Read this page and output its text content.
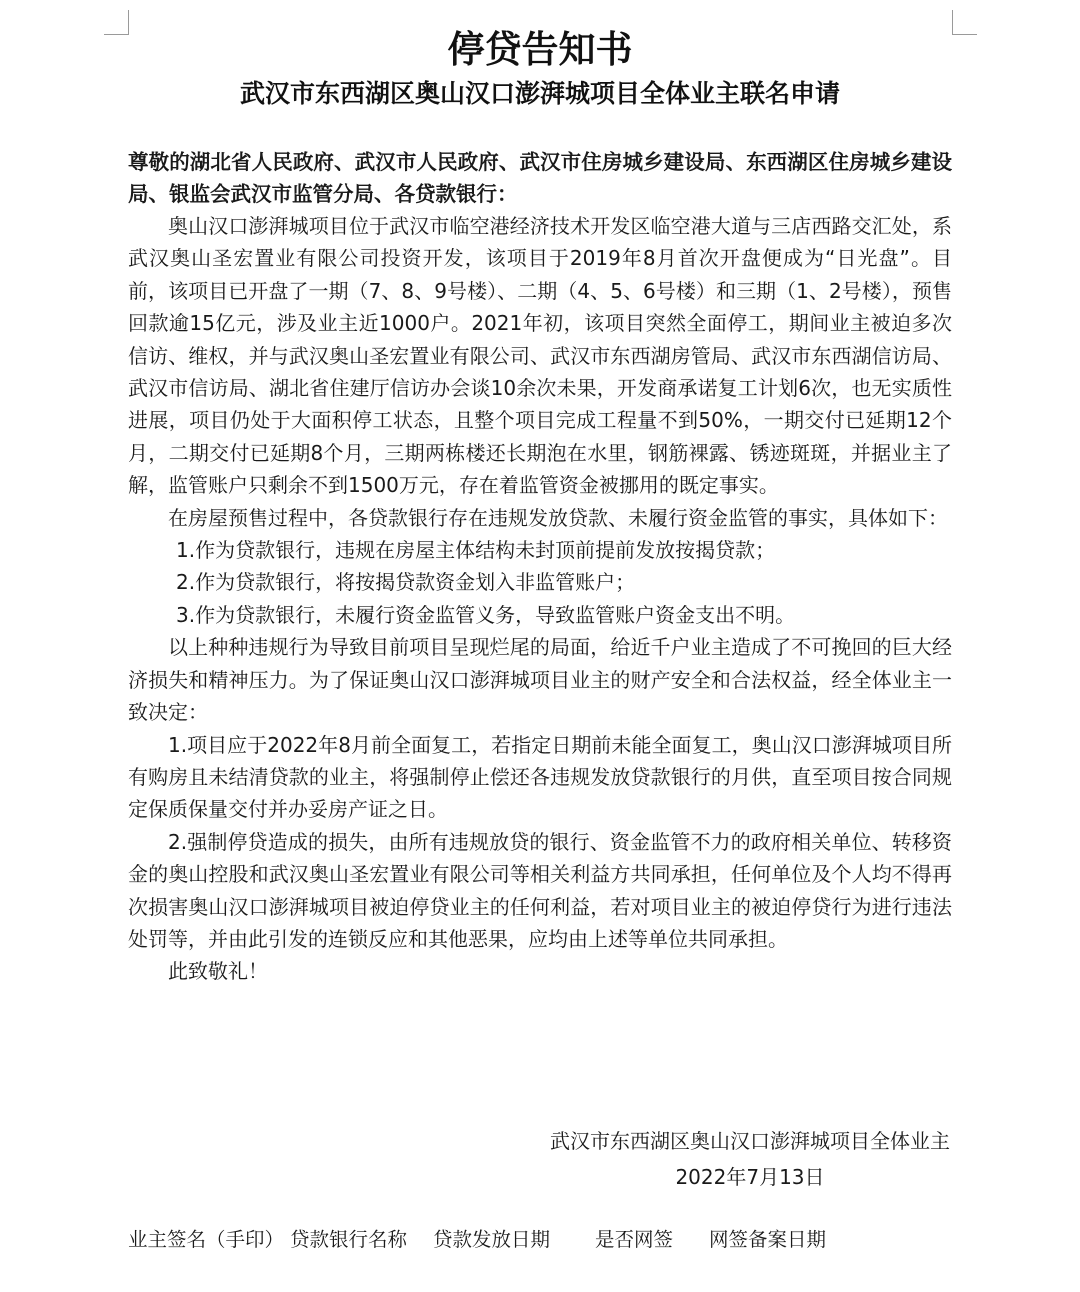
停贷告知书
武汉市东西湖区奥山汉口澎湃城项目全体业主联名申请

尊敬的湖北省人民政府、武汉市人民政府、武汉市住房城乡建设局、东西湖区住房城乡建设局、银监会武汉市监管分局、各贷款银行：

奥山汉口澎湃城项目位于武汉市临空港经济技术开发区临空港大道与三店西路交汇处，系武汉奥山圣宏置业有限公司投资开发，该项目于2019年8月首次开盘便成为“日光盘”。目前，该项目已开盘了一期（7、8、9号楼）、二期（4、5、6号楼）和三期（1、2号楼），预售回款逾15亿元，涉及业主近1000户。2021年初，该项目突然全面停工，期间业主被迫多次信访、维权，并与武汉奥山圣宏置业有限公司、武汉市东西湖房管局、武汉市东西湖信访局、武汉市信访局、湖北省住建厅信访办会谈10余次未果，开发商承诺复工计划6次，也无实质性进展，项目仍处于大面积停工状态，且整个项目完成工程量不到50%，一期交付已延期12个月，二期交付已延期8个月，三期两栋楼还长期泡在水里，钢筋裸露、锈迹斑斑，并据业主了解，监管账户只剩余不到1500万元，存在着监管资金被挪用的既定事实。

在房屋预售过程中，各贷款银行存在违规发放贷款、未履行资金监管的事实，具体如下：

1.作为贷款银行，违规在房屋主体结构未封顶前提前发放按揭贷款；

2.作为贷款银行，将按揭贷款资金划入非监管账户；

3.作为贷款银行，未履行资金监管义务，导致监管账户资金支出不明。

以上种种违规行为导致目前项目呈现烂尾的局面，给近千户业主造成了不可挽回的巨大经济损失和精神压力。为了保证奥山汉口澎湃城项目业主的财产安全和合法权益，经全体业主一致决定：

1.项目应于2022年8月前全面复工，若指定日期前未能全面复工，奥山汉口澎湃城项目所有购房且未结清贷款的业主，将强制停止偿还各违规发放贷款银行的月供，直至项目按合同规定保质保量交付并办妥房产证之日。

2.强制停贷造成的损失，由所有违规放贷的银行、资金监管不力的政府相关单位、转移资金的奥山控股和武汉奥山圣宏置业有限公司等相关利益方共同承担，任何单位及个人均不得再次损害奥山汉口澎湃城项目被迫停贷业主的任何利益，若对项目业主的被迫停贷行为进行违法处罚等，并由此引发的连锁反应和其他恶果，应均由上述等单位共同承担。

此致敬礼！

武汉市东西湖区奥山汉口澎湃城项目全体业主

2022年7月13日

业主签名（手印） 贷款银行名称 贷款发放日期 是否网签 网签备案日期
